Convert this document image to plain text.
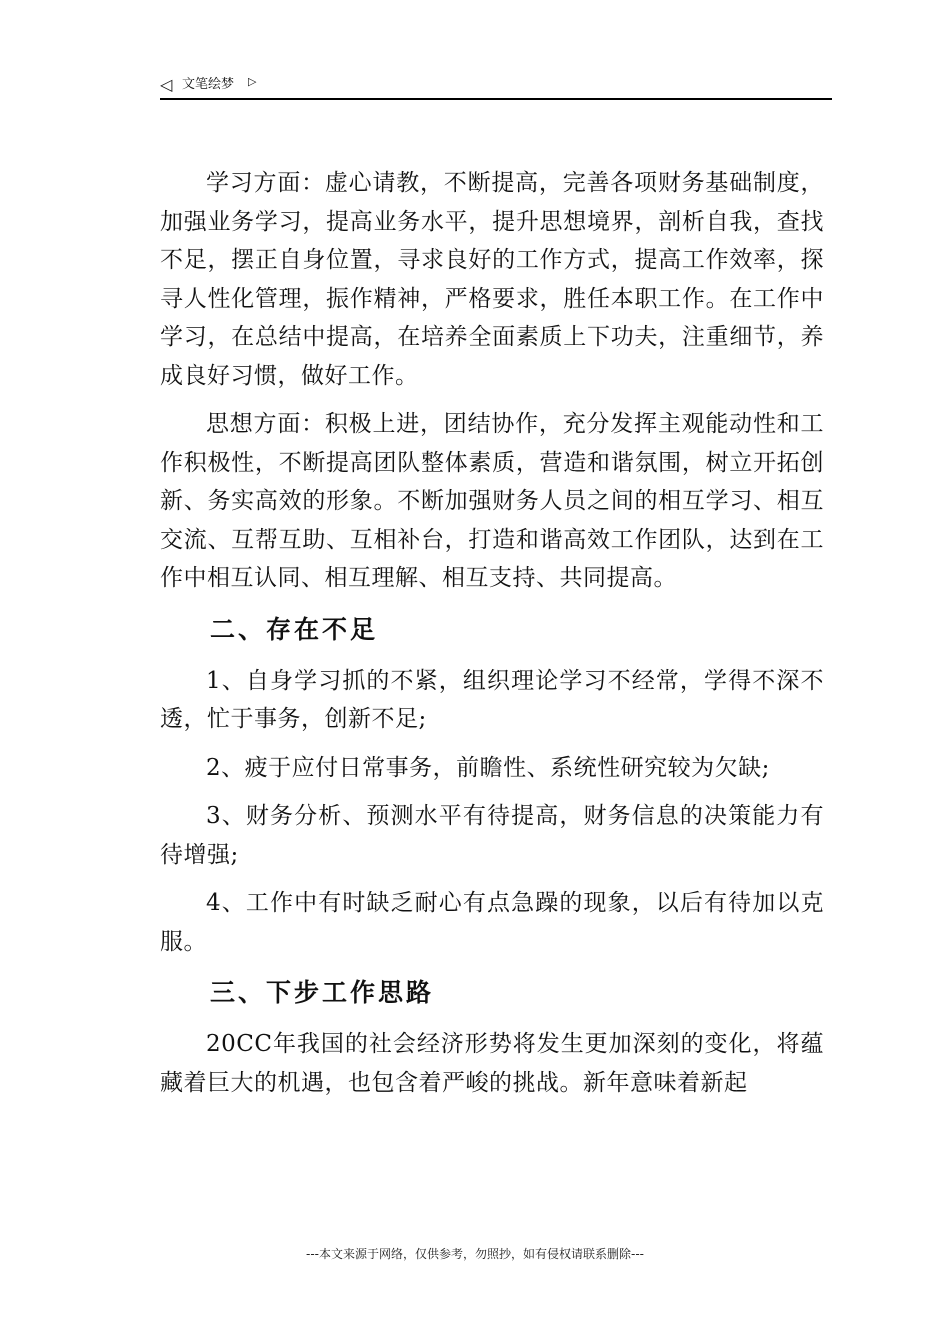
◁ 文笔绘梦 ▷

学习方面：虚心请教，不断提高，完善各项财务基础制度，加强业务学习，提高业务水平，提升思想境界，剖析自我，查找不足，摆正自身位置，寻求良好的工作方式，提高工作效率，探寻人性化管理，振作精神，严格要求，胜任本职工作。在工作中学习，在总结中提高，在培养全面素质上下功夫，注重细节，养成良好习惯，做好工作。

思想方面：积极上进，团结协作，充分发挥主观能动性和工作积极性，不断提高团队整体素质，营造和谐氛围，树立开拓创新、务实高效的形象。不断加强财务人员之间的相互学习、相互交流、互帮互助、互相补台，打造和谐高效工作团队，达到在工作中相互认同、相互理解、相互支持、共同提高。

二、存在不足

1、自身学习抓的不紧，组织理论学习不经常，学得不深不透，忙于事务，创新不足;

2、疲于应付日常事务，前瞻性、系统性研究较为欠缺;

3、财务分析、预测水平有待提高，财务信息的决策能力有待增强;

4、工作中有时缺乏耐心有点急躁的现象，以后有待加以克服。

三、下步工作思路

20CC年我国的社会经济形势将发生更加深刻的变化，将蕴藏着巨大的机遇，也包含着严峻的挑战。新年意味着新起

---本文来源于网络，仅供参考，勿照抄，如有侵权请联系删除---
